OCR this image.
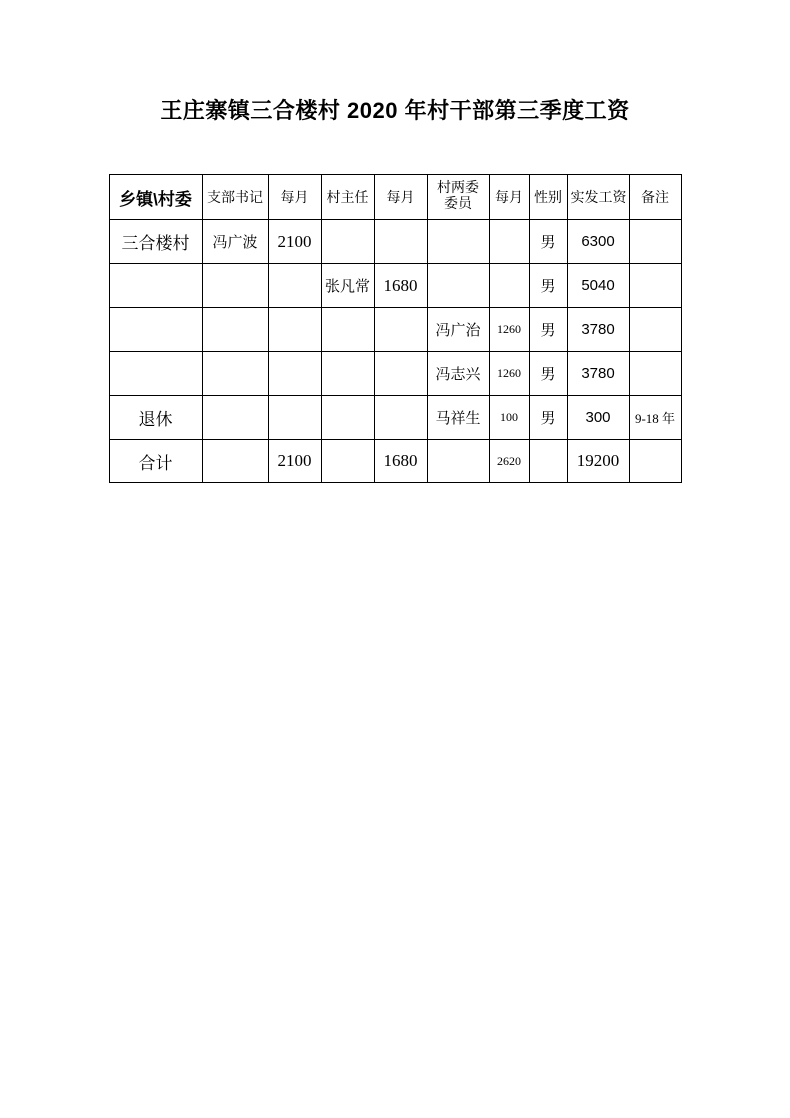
王庄寨镇三合楼村 2020 年村干部第三季度工资
乡镇\村委	支部书记	每月	村主任	每月	村两委委员	每月	性别	实发工资	备注
三合楼村	冯广波	2100					男	6300	
			张凡常	1680			男	5040	
					冯广治	1260	男	3780	
					冯志兴	1260	男	3780	
退休					马祥生	100	男	300	9-18 年
合计		2100		1680		2620		19200	
